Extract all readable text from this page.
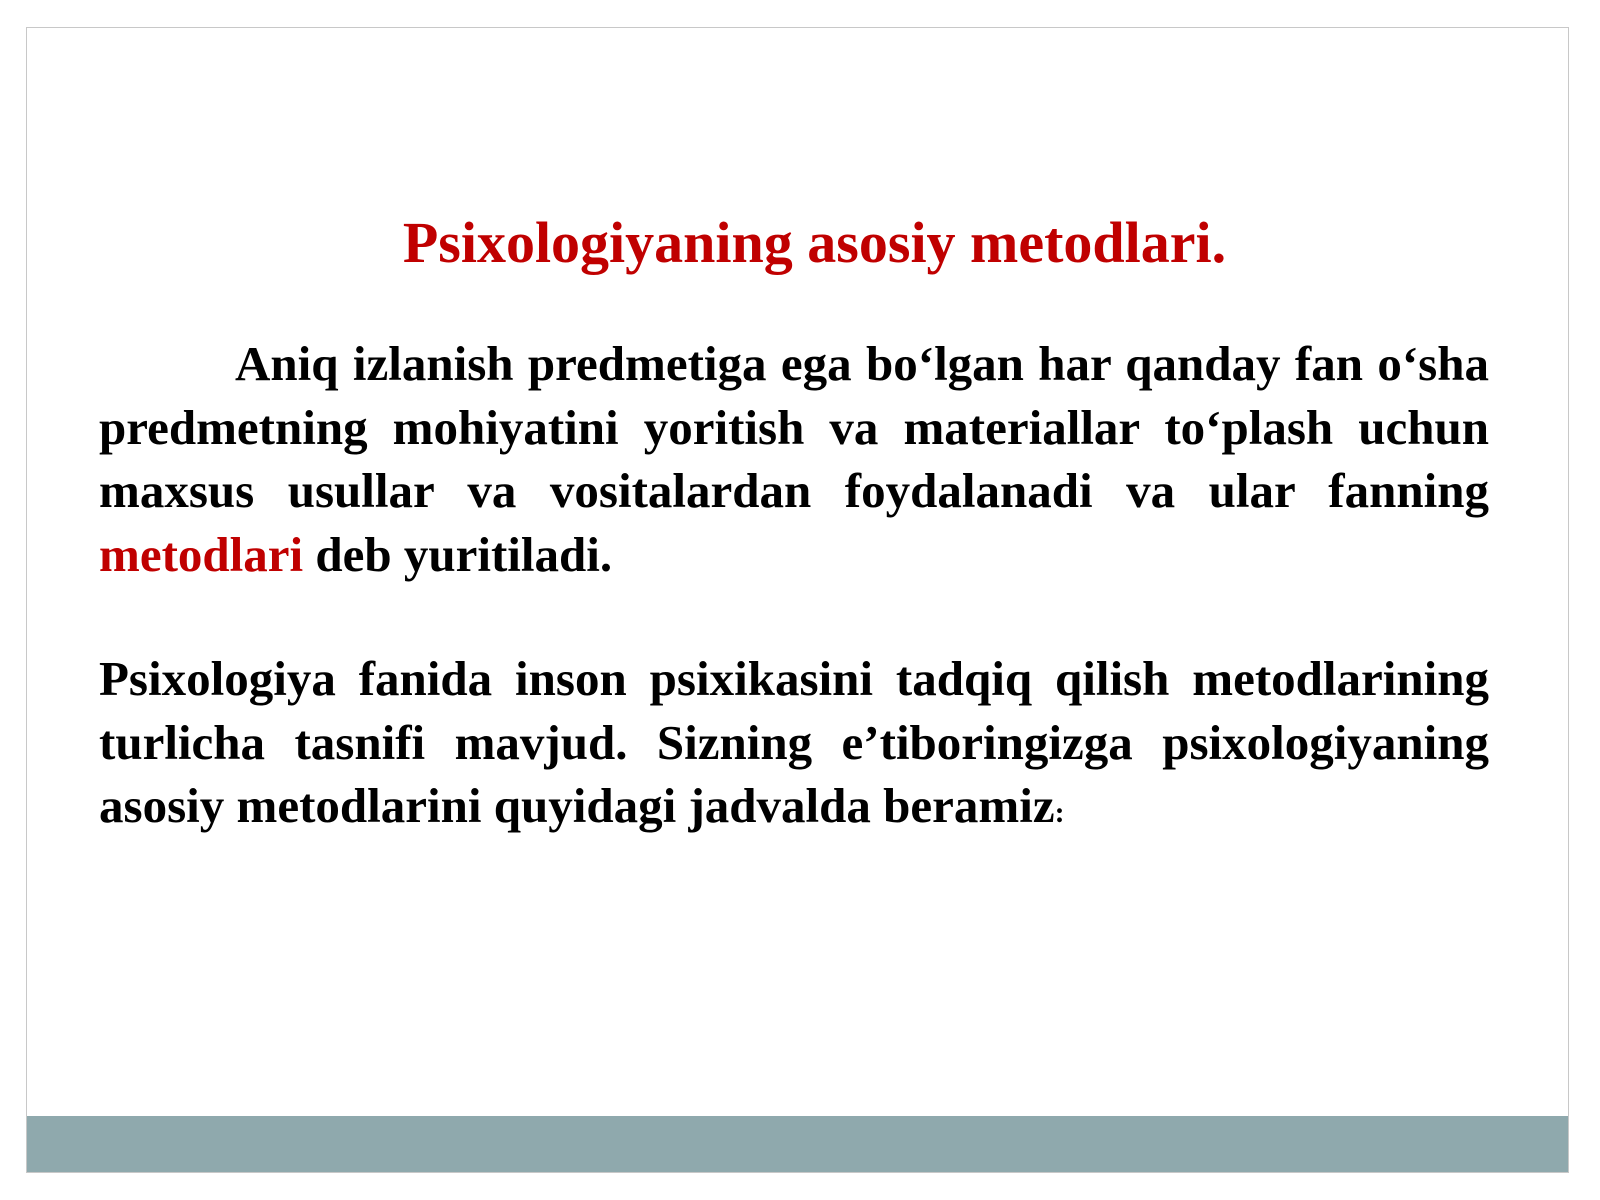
Psixologiyaning asosiy metodlari.

Aniq izlanish predmetiga ega bo‘lgan har qanday fan o‘sha predmetning mohiyatini yoritish va materiallar to‘plash uchun maxsus usullar va vositalardan foydalanadi va ular fanning metodlari deb yuritiladi.

Psixologiya fanida inson psixikasini tadqiq qilish metodlarining turlicha tasnifi mavjud. Sizning e’tiboringizga psixologiyaning asosiy metodlarini quyidagi jadvalda beramiz:
